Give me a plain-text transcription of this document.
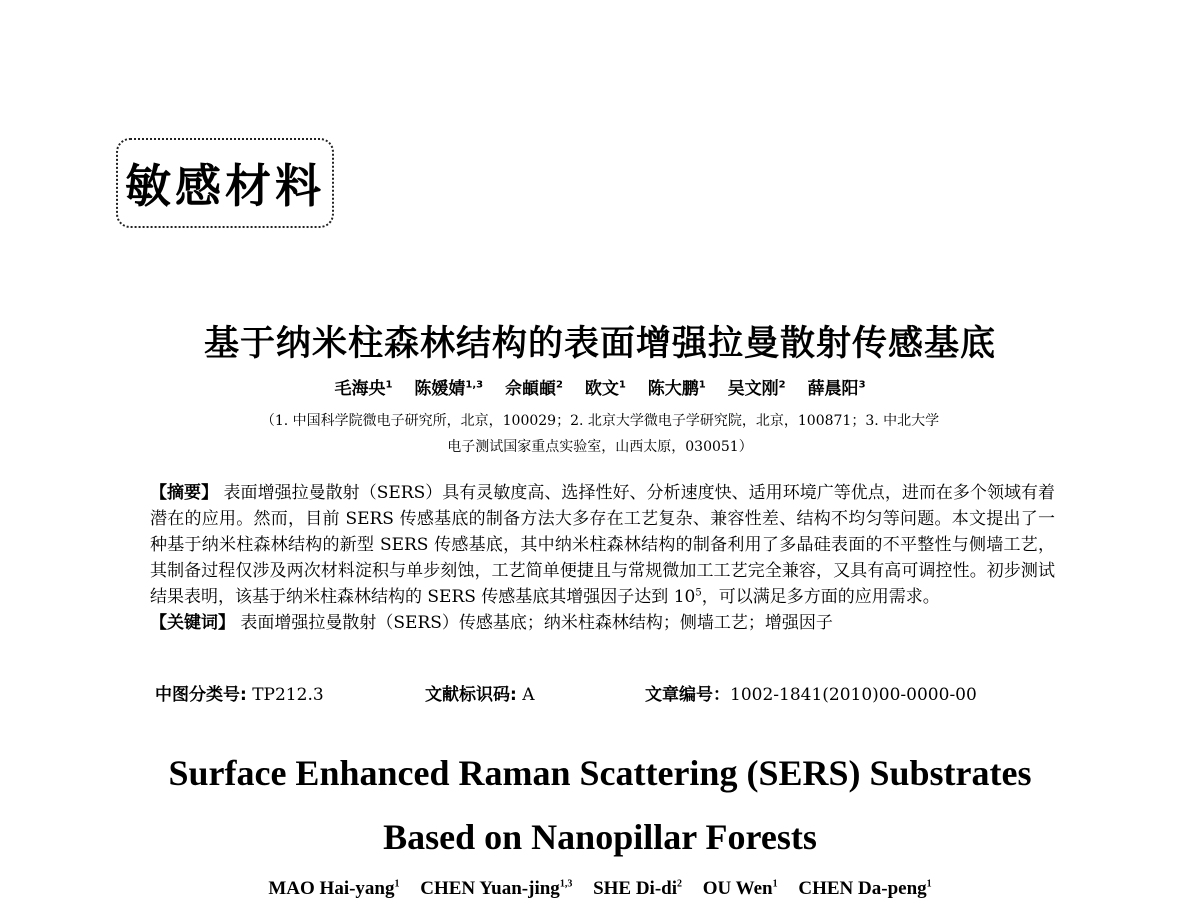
敏感材料
基于纳米柱森林结构的表面增强拉曼散射传感基底
毛海央$^1$ 陈媛婧$^{1,3}$ 佘頔頔$^2$ 欧文$^1$ 陈大鹏$^1$ 吴文刚$^2$ 薛晨阳$^3$
（1. 中国科学院微电子研究所，北京，100029；2. 北京大学微电子学研究院，北京，100871；3. 中北大学
电子测试国家重点实验室，山西太原，030051）
【摘要】 表面增强拉曼散射（SERS）具有灵敏度高、选择性好、分析速度快、适用环境广等优点，进而在多个领域有着潜在的应用。然而，目前 SERS 传感基底的制备方法大多存在工艺复杂、兼容性差、结构不均匀等问题。本文提出了一种基于纳米柱森林结构的新型 SERS 传感基底，其中纳米柱森林结构的制备利用了多晶硅表面的不平整性与侧墙工艺，其制备过程仅涉及两次材料淀积与单步刻蚀，工艺简单便捷且与常规微加工工艺完全兼容，又具有高可调控性。初步测试结果表明，该基于纳米柱森林结构的 SERS 传感基底其增强因子达到 $10^5$，可以满足多方面的应用需求。
【关键词】 表面增强拉曼散射（SERS）传感基底；纳米柱森林结构；侧墙工艺；增强因子
中图分类号: TP212.3	文献标识码: A	文章编号：1002-1841(2010)00-0000-00
Surface Enhanced Raman Scattering (SERS) Substrates
Based on Nanopillar Forests
MAO Hai-yang$^1$ CHEN Yuan-jing$^{1,3}$ SHE $Di-di^2$ OU Wen$^1$ CHEN Da-peng$^1$
